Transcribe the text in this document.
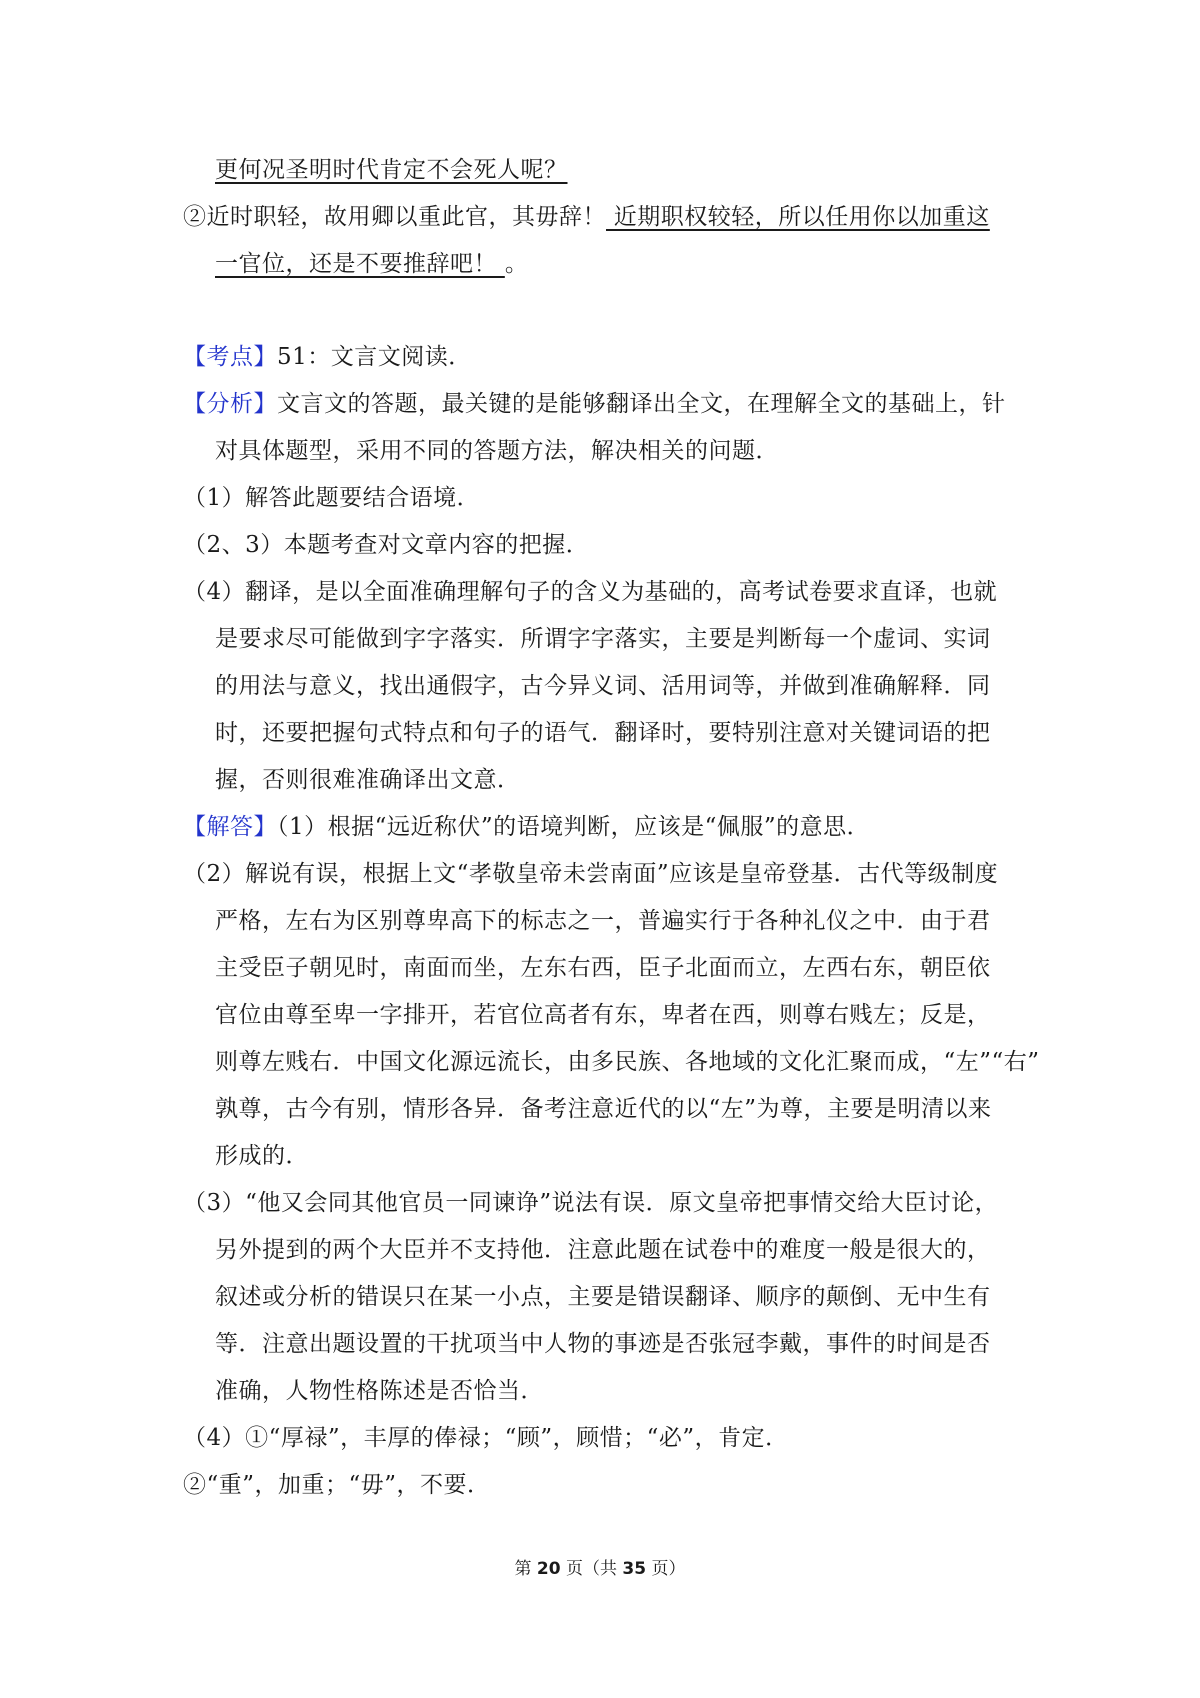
更何况圣明时代肯定不会死人呢？
②近时职轻，故用卿以重此官，其毋辞！ 近期职权较轻，所以任用你以加重这
一官位，还是不要推辞吧！ 。
【考点】51：文言文阅读．
【分析】文言文的答题，最关键的是能够翻译出全文，在理解全文的基础上，针
对具体题型，采用不同的答题方法，解决相关的问题．
（1）解答此题要结合语境．
（2、3）本题考查对文章内容的把握．
（4）翻译，是以全面准确理解句子的含义为基础的，高考试卷要求直译，也就
是要求尽可能做到字字落实．所谓字字落实，主要是判断每一个虚词、实词
的用法与意义，找出通假字，古今异义词、活用词等，并做到准确解释．同
时，还要把握句式特点和句子的语气．翻译时，要特别注意对关键词语的把
握，否则很难准确译出文意．
【解答】（1）根据“远近称伏”的语境判断，应该是“佩服”的意思．
（2）解说有误，根据上文“孝敬皇帝未尝南面”应该是皇帝登基．古代等级制度
严格，左右为区别尊卑高下的标志之一，普遍实行于各种礼仪之中．由于君
主受臣子朝见时，南面而坐，左东右西，臣子北面而立，左西右东，朝臣依
官位由尊至卑一字排开，若官位高者有东，卑者在西，则尊右贱左；反是，
则尊左贱右．中国文化源远流长，由多民族、各地域的文化汇聚而成，“左”“右”
孰尊，古今有别，情形各异．备考注意近代的以“左”为尊，主要是明清以来
形成的．
（3）“他又会同其他官员一同谏诤”说法有误．原文皇帝把事情交给大臣讨论，
另外提到的两个大臣并不支持他．注意此题在试卷中的难度一般是很大的，
叙述或分析的错误只在某一小点，主要是错误翻译、顺序的颠倒、无中生有
等．注意出题设置的干扰项当中人物的事迹是否张冠李戴，事件的时间是否
准确，人物性格陈述是否恰当．
（4）①“厚禄”，丰厚的俸禄；“顾”，顾惜；“必”，肯定．
②“重”，加重；“毋”，不要．
第 20 页（共 35 页）
